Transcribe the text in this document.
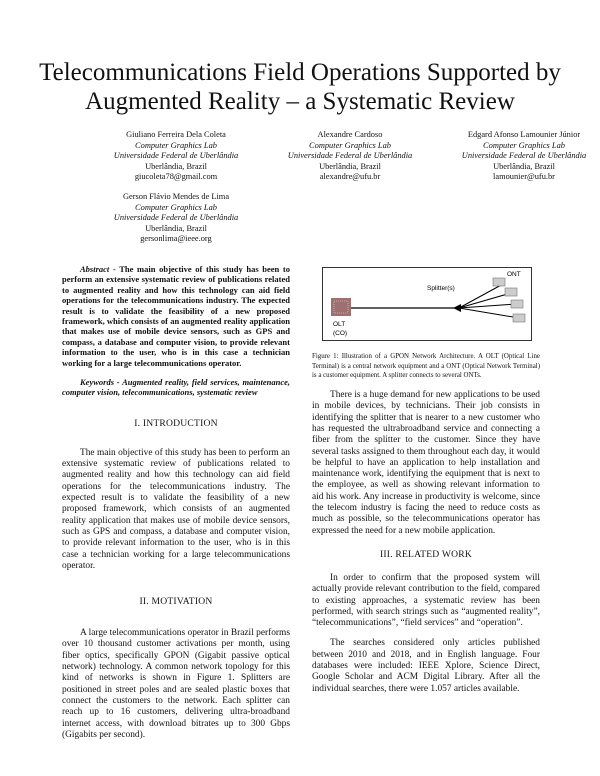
Telecommunications Field Operations Supported by Augmented Reality – a Systematic Review
Giuliano Ferreira Dela Coleta
Computer Graphics Lab
Universidade Federal de Uberlândia
Uberlândia, Brazil
giucoleta78@gmail.com
Alexandre Cardoso
Computer Graphics Lab
Universidade Federal de Uberlândia
Uberlândia, Brazil
alexandre@ufu.br
Edgard Afonso Lamounier Júnior
Computer Graphics Lab
Universidade Federal de Uberlândia
Uberlândia, Brazil
lamounier@ufu.br
Gerson Flávio Mendes de Lima
Computer Graphics Lab
Universidade Federal de Uberlândia
Uberlândia, Brazil
gersonlima@ieee.org

Abstract - The main objective of this study has been to perform an extensive systematic review of publications related to augmented reality and how this technology can aid field operations for the telecommunications industry. The expected result is to validate the feasibility of a new proposed framework, which consists of an augmented reality application that makes use of mobile device sensors, such as GPS and compass, a database and computer vision, to provide relevant information to the user, who is in this case a technician working for a large telecommunications operator.

Keywords - Augmented reality, field services, maintenance, computer vision, telecommunications, systematic review

I. INTRODUCTION

The main objective of this study has been to perform an extensive systematic review of publications related to augmented reality and how this technology can aid field operations for the telecommunications industry. The expected result is to validate the feasibility of a new proposed framework, which consists of an augmented reality application that makes use of mobile device sensors, such as GPS and compass, a database and computer vision, to provide relevant information to the user, who is in this case a technician working for a large telecommunications operator.

II. MOTIVATION

A large telecommunications operator in Brazil performs over 10 thousand customer activations per month, using fiber optics, specifically GPON (Gigabit passive optical network) technology. A common network topology for this kind of networks is shown in Figure 1. Splitters are positioned in street poles and are sealed plastic boxes that connect the customers to the network. Each splitter can reach up to 16 customers, delivering ultra-broadband internet access, with download bitrates up to 300 Gbps (Gigabits per second).

ONT
Splitter(s)
OLT
(CO)
Figure 1: Illustration of a GPON Network Architecture. A OLT (Optical Line Terminal) is a central network equipment and a ONT (Optical Network Terminal) is a customer equipment. A splitter connects to several ONTs.

There is a huge demand for new applications to be used in mobile devices, by technicians. Their job consists in identifying the splitter that is nearer to a new customer who has requested the ultrabroadband service and connecting a fiber from the splitter to the customer. Since they have several tasks assigned to them throughout each day, it would be helpful to have an application to help installation and maintenance work, identifying the equipment that is next to the employee, as well as showing relevant information to aid his work. Any increase in productivity is welcome, since the telecom industry is facing the need to reduce costs as much as possible, so the telecommunications operator has expressed the need for a new mobile application.

III. RELATED WORK

In order to confirm that the proposed system will actually provide relevant contribution to the field, compared to existing approaches, a systematic review has been performed, with search strings such as “augmented reality”, “telecommunications”, “field services” and “operation”.

The searches considered only articles published between 2010 and 2018, and in English language. Four databases were included: IEEE Xplore, Science Direct, Google Scholar and ACM Digital Library. After all the individual searches, there were 1.057 articles available.
